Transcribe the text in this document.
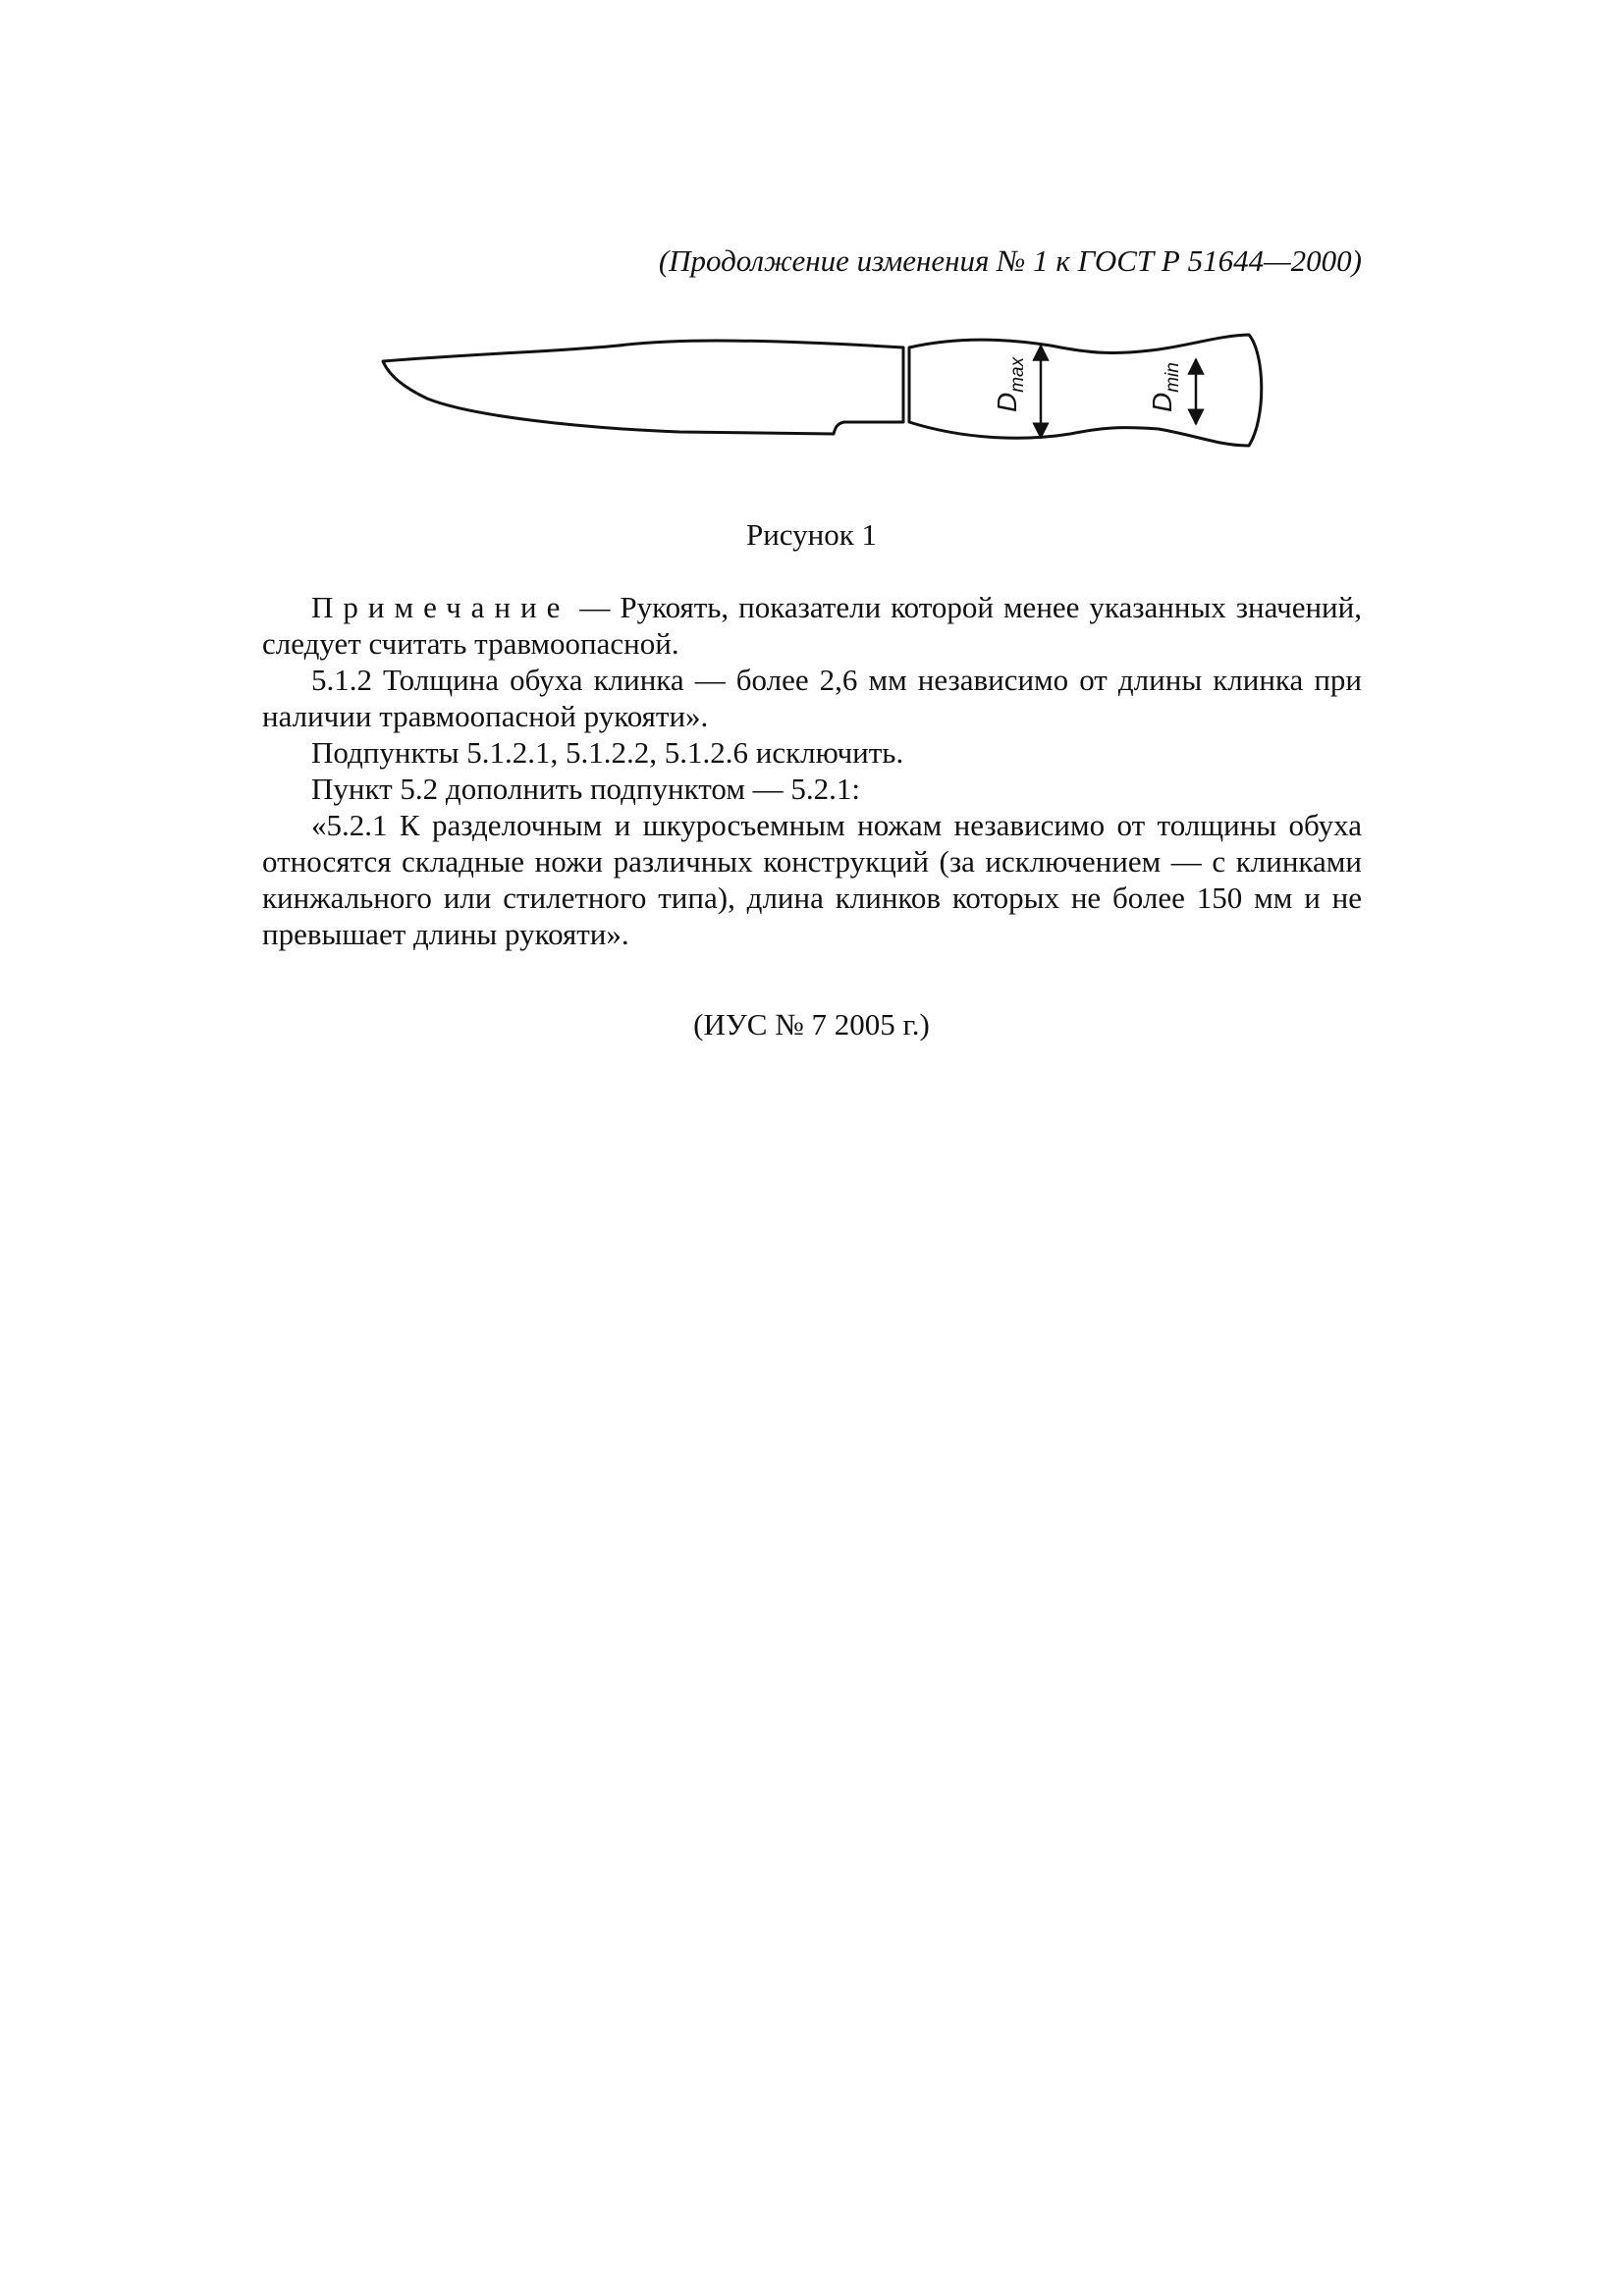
(Продолжение изменения № 1 к ГОСТ Р 51644—2000)
$D_{max}$
$D_{min}$
Рисунок 1

Примечание — Рукоять, показатели которой менее указанных значений, следует считать травмоопасной.

5.1.2 Толщина обуха клинка — более 2,6 мм независимо от длины клинка при наличии травмоопасной рукояти».

Подпункты 5.1.2.1, 5.1.2.2, 5.1.2.6 исключить.

Пункт 5.2 дополнить подпунктом — 5.2.1:

«5.2.1 К разделочным и шкуросъемным ножам независимо от толщины обуха относятся складные ножи различных конструкций (за исключением — с клинками кинжального или стилетного типа), длина клинков которых не более 150 мм и не превышает длины рукояти».

(ИУС № 7 2005 г.)
